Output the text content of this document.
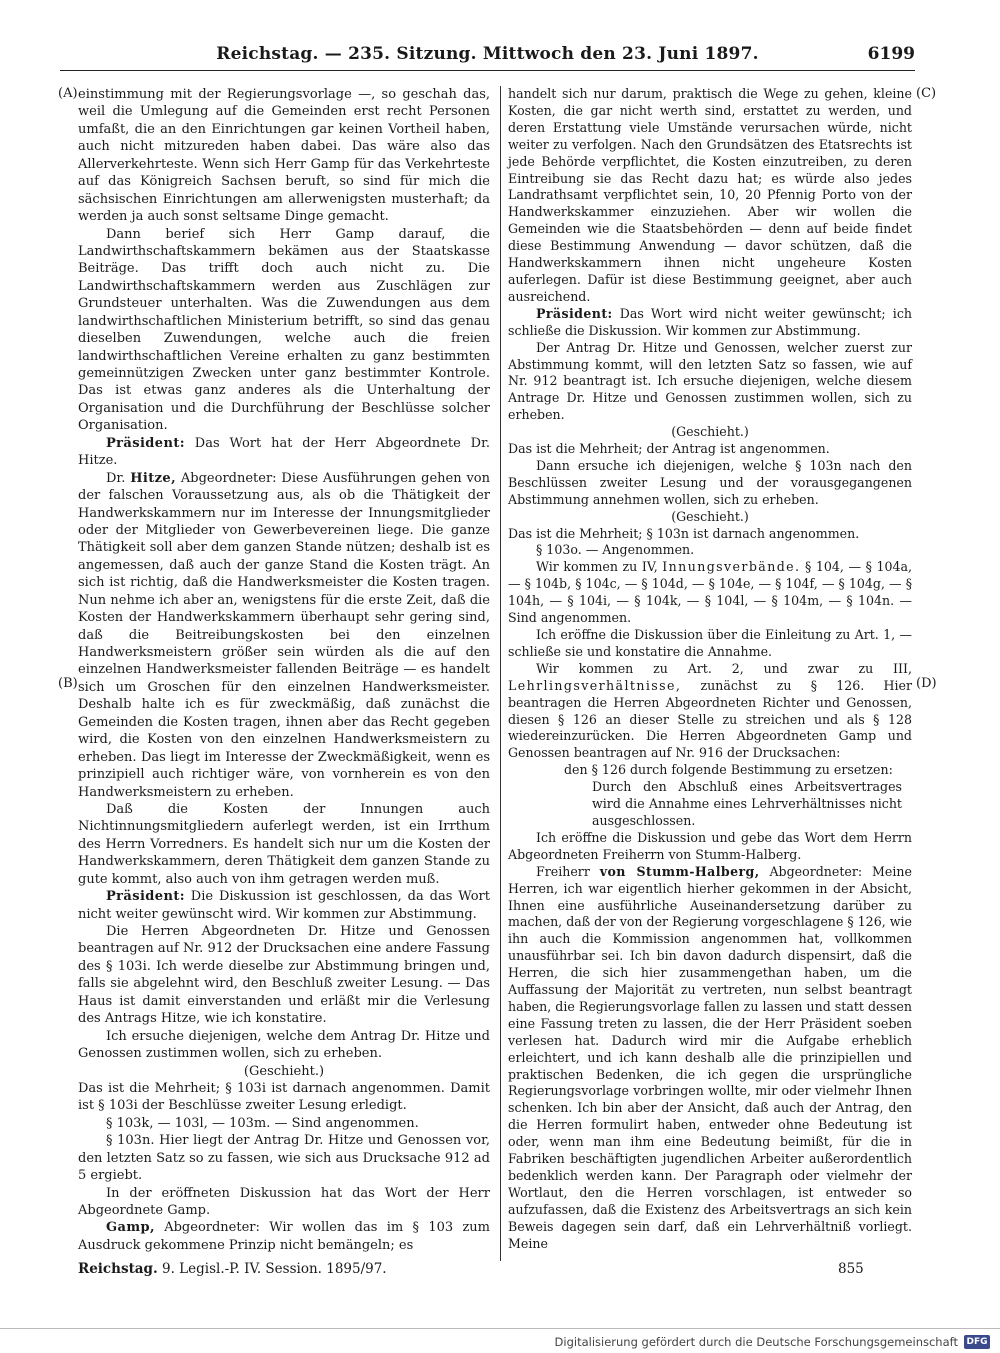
Reichstag. — 235. Sitzung. Mittwoch den 23. Juni 1897.	6199
(A)
(B)
(C)
(D)

einstimmung mit der Regierungsvorlage —, so geschah das, weil die Umlegung auf die Gemeinden erst recht Personen umfaßt, die an den Einrichtungen gar keinen Vortheil haben, auch nicht mitzureden haben dabei. Das wäre also das Allerverkehrteste. Wenn sich Herr Gamp für das Verkehrteste auf das Königreich Sachsen beruft, so sind für mich die sächsischen Einrichtungen am allerwenigsten musterhaft; da werden ja auch sonst seltsame Dinge gemacht.

Dann berief sich Herr Gamp darauf, die Landwirthschaftskammern bekämen aus der Staatskasse Beiträge. Das trifft doch auch nicht zu. Die Landwirthschaftskammern werden aus Zuschlägen zur Grundsteuer unterhalten. Was die Zuwendungen aus dem landwirthschaftlichen Ministerium betrifft, so sind das genau dieselben Zuwendungen, welche auch die freien landwirthschaftlichen Vereine erhalten zu ganz bestimmten gemeinnützigen Zwecken unter ganz bestimmter Kontrole. Das ist etwas ganz anderes als die Unterhaltung der Organisation und die Durchführung der Beschlüsse solcher Organisation.

Präsident: Das Wort hat der Herr Abgeordnete Dr. Hitze.

Dr. Hitze, Abgeordneter: Diese Ausführungen gehen von der falschen Voraussetzung aus, als ob die Thätigkeit der Handwerkskammern nur im Interesse der Innungsmitglieder oder der Mitglieder von Gewerbevereinen liege. Die ganze Thätigkeit soll aber dem ganzen Stande nützen; deshalb ist es angemessen, daß auch der ganze Stand die Kosten trägt. An sich ist richtig, daß die Handwerksmeister die Kosten tragen. Nun nehme ich aber an, wenigstens für die erste Zeit, daß die Kosten der Handwerkskammern überhaupt sehr gering sind, daß die Beitreibungskosten bei den einzelnen Handwerksmeistern größer sein würden als die auf den einzelnen Handwerksmeister fallenden Beiträge — es handelt sich um Groschen für den einzelnen Handwerksmeister. Deshalb halte ich es für zweckmäßig, daß zunächst die Gemeinden die Kosten tragen, ihnen aber das Recht gegeben wird, die Kosten von den einzelnen Handwerksmeistern zu erheben. Das liegt im Interesse der Zweckmäßigkeit, wenn es prinzipiell auch richtiger wäre, von vornherein es von den Handwerksmeistern zu erheben.

Daß die Kosten der Innungen auch Nichtinnungsmitgliedern auferlegt werden, ist ein Irrthum des Herrn Vorredners. Es handelt sich nur um die Kosten der Handwerkskammern, deren Thätigkeit dem ganzen Stande zu gute kommt, also auch von ihm getragen werden muß.

Präsident: Die Diskussion ist geschlossen, da das Wort nicht weiter gewünscht wird. Wir kommen zur Abstimmung.

Die Herren Abgeordneten Dr. Hitze und Genossen beantragen auf Nr. 912 der Drucksachen eine andere Fassung des § 103i. Ich werde dieselbe zur Abstimmung bringen und, falls sie abgelehnt wird, den Beschluß zweiter Lesung. — Das Haus ist damit einverstanden und erläßt mir die Verlesung des Antrags Hitze, wie ich konstatire.

Ich ersuche diejenigen, welche dem Antrag Dr. Hitze und Genossen zustimmen wollen, sich zu erheben.

(Geschieht.)

Das ist die Mehrheit; § 103i ist darnach angenommen. Damit ist § 103i der Beschlüsse zweiter Lesung erledigt.

§ 103k, — 103l, — 103m. — Sind angenommen.

§ 103n. Hier liegt der Antrag Dr. Hitze und Genossen vor, den letzten Satz so zu fassen, wie sich aus Drucksache 912 ad 5 ergiebt.

In der eröffneten Diskussion hat das Wort der Herr Abgeordnete Gamp.

Gamp, Abgeordneter: Wir wollen das im § 103 zum Ausdruck gekommene Prinzip nicht bemängeln; es

handelt sich nur darum, praktisch die Wege zu gehen, kleine Kosten, die gar nicht werth sind, erstattet zu werden, und deren Erstattung viele Umstände verursachen würde, nicht weiter zu verfolgen. Nach den Grundsätzen des Etatsrechts ist jede Behörde verpflichtet, die Kosten einzutreiben, zu deren Eintreibung sie das Recht dazu hat; es würde also jedes Landrathsamt verpflichtet sein, 10, 20 Pfennig Porto von der Handwerkskammer einzuziehen. Aber wir wollen die Gemeinden wie die Staatsbehörden — denn auf beide findet diese Bestimmung Anwendung — davor schützen, daß die Handwerkskammern ihnen nicht ungeheure Kosten auferlegen. Dafür ist diese Bestimmung geeignet, aber auch ausreichend.

Präsident: Das Wort wird nicht weiter gewünscht; ich schließe die Diskussion. Wir kommen zur Abstimmung.

Der Antrag Dr. Hitze und Genossen, welcher zuerst zur Abstimmung kommt, will den letzten Satz so fassen, wie auf Nr. 912 beantragt ist. Ich ersuche diejenigen, welche diesem Antrage Dr. Hitze und Genossen zustimmen wollen, sich zu erheben.

(Geschieht.)

Das ist die Mehrheit; der Antrag ist angenommen.

Dann ersuche ich diejenigen, welche § 103n nach den Beschlüssen zweiter Lesung und der vorausgegangenen Abstimmung annehmen wollen, sich zu erheben.

(Geschieht.)

Das ist die Mehrheit; § 103n ist darnach angenommen.

§ 103o. — Angenommen.

Wir kommen zu IV, Innungsverbände. § 104, — § 104a, — § 104b, § 104c, — § 104d, — § 104e, — § 104f, — § 104g, — § 104h, — § 104i, — § 104k, — § 104l, — § 104m, — § 104n. — Sind angenommen.

Ich eröffne die Diskussion über die Einleitung zu Art. 1, — schließe sie und konstatire die Annahme.

Wir kommen zu Art. 2, und zwar zu III, Lehrlingsverhältnisse, zunächst zu § 126. Hier beantragen die Herren Abgeordneten Richter und Genossen, diesen § 126 an dieser Stelle zu streichen und als § 128 wiedereinzurücken. Die Herren Abgeordneten Gamp und Genossen beantragen auf Nr. 916 der Drucksachen:

den § 126 durch folgende Bestimmung zu ersetzen:

Durch den Abschluß eines Arbeitsvertrages wird die Annahme eines Lehrverhältnisses nicht ausgeschlossen.

Ich eröffne die Diskussion und gebe das Wort dem Herrn Abgeordneten Freiherrn von Stumm-Halberg.

Freiherr von Stumm-Halberg, Abgeordneter: Meine Herren, ich war eigentlich hierher gekommen in der Absicht, Ihnen eine ausführliche Auseinandersetzung darüber zu machen, daß der von der Regierung vorgeschlagene § 126, wie ihn auch die Kommission angenommen hat, vollkommen unausführbar sei. Ich bin davon dadurch dispensirt, daß die Herren, die sich hier zusammengethan haben, um die Auffassung der Majorität zu vertreten, nun selbst beantragt haben, die Regierungsvorlage fallen zu lassen und statt dessen eine Fassung treten zu lassen, die der Herr Präsident soeben verlesen hat. Dadurch wird mir die Aufgabe erheblich erleichtert, und ich kann deshalb alle die prinzipiellen und praktischen Bedenken, die ich gegen die ursprüngliche Regierungsvorlage vorbringen wollte, mir oder vielmehr Ihnen schenken. Ich bin aber der Ansicht, daß auch der Antrag, den die Herren formulirt haben, entweder ohne Bedeutung ist oder, wenn man ihm eine Bedeutung beimißt, für die in Fabriken beschäftigten jugendlichen Arbeiter außerordentlich bedenklich werden kann. Der Paragraph oder vielmehr der Wortlaut, den die Herren vorschlagen, ist entweder so aufzufassen, daß die Existenz des Arbeitsvertrags an sich kein Beweis dagegen sein darf, daß ein Lehrverhältniß vorliegt. Meine

Reichstag. 9. Legisl.-P. IV. Session. 1895/97.	855
Digitalisierung gefördert durch die Deutsche Forschungsgemeinschaft DFG
